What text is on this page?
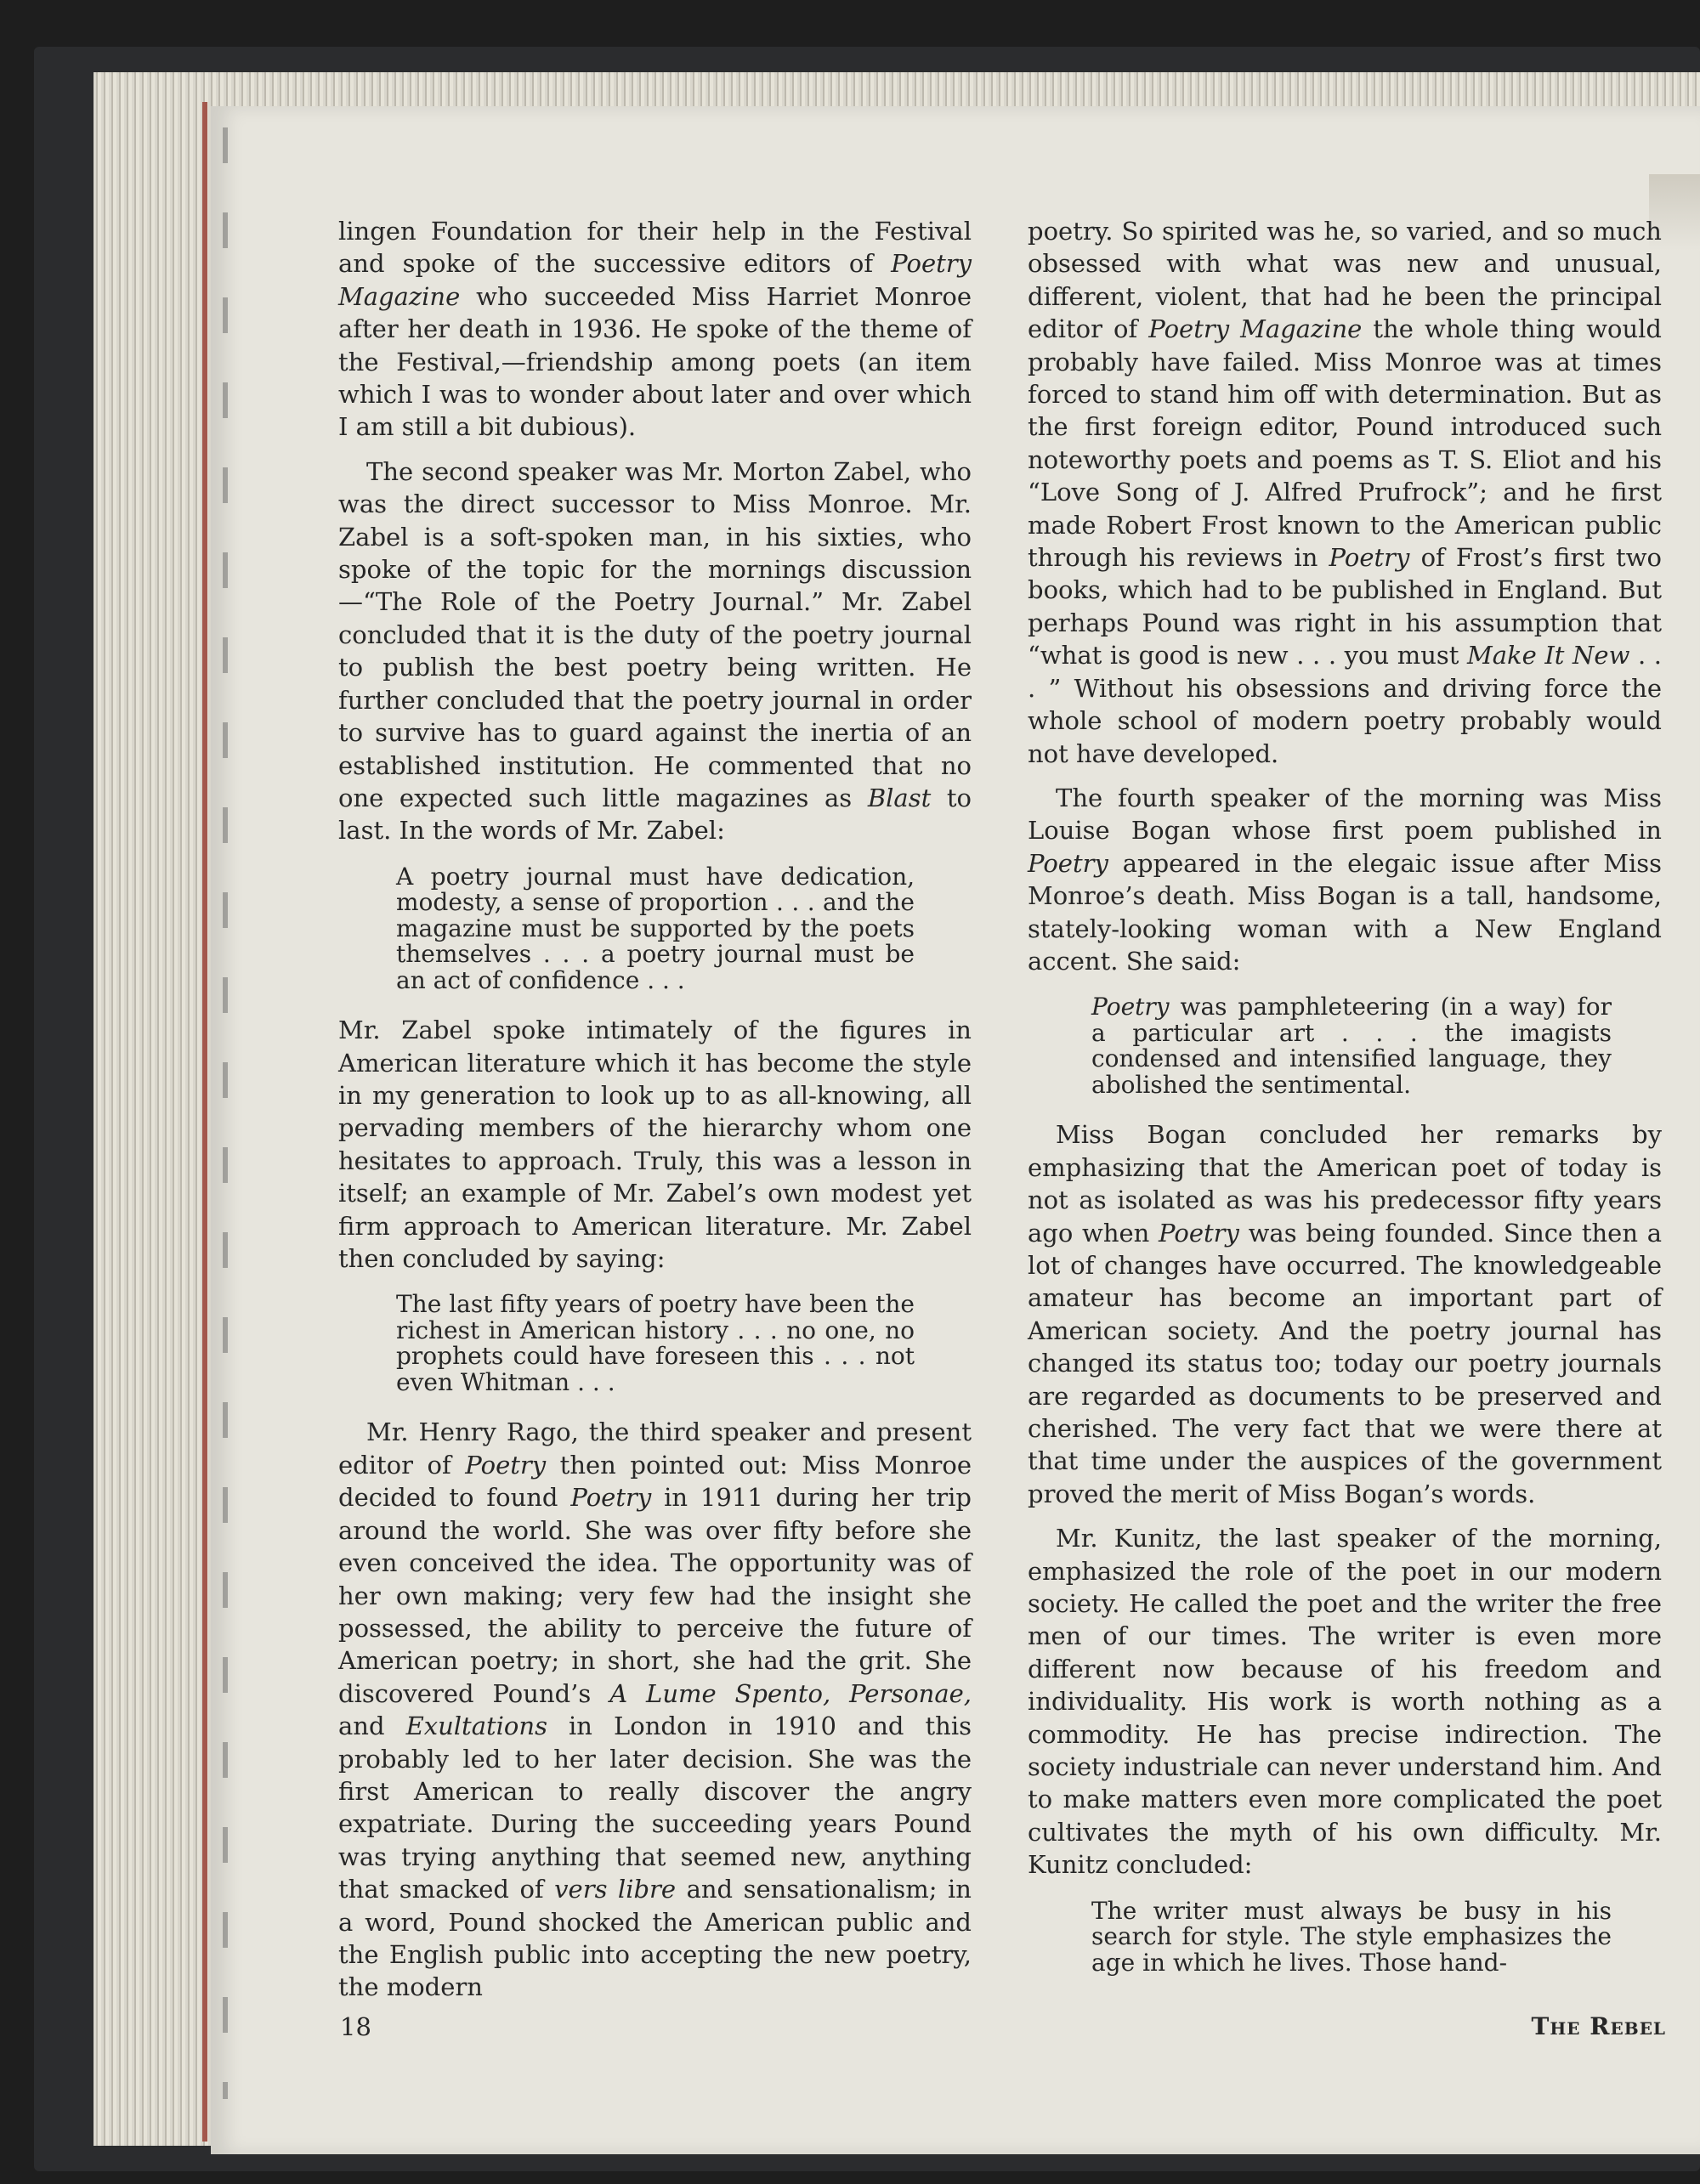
lingen Foundation for their help in the Festival and spoke of the successive editors of Poetry Magazine who succeeded Miss Harriet Monroe after her death in 1936. He spoke of the theme of the Festival,—friendship among poets (an item which I was to wonder about later and over which I am still a bit dubious).

The second speaker was Mr. Morton Zabel, who was the direct successor to Miss Monroe. Mr. Zabel is a soft-spoken man, in his sixties, who spoke of the topic for the mornings discussion—“The Role of the Poetry Journal.” Mr. Zabel concluded that it is the duty of the poetry journal to publish the best poetry being written. He further concluded that the poetry journal in order to survive has to guard against the inertia of an established institution. He commented that no one expected such little magazines as Blast to last. In the words of Mr. Zabel:

A poetry journal must have dedication, modesty, a sense of proportion . . . and the magazine must be supported by the poets themselves . . . a poetry journal must be an act of confidence . . .

Mr. Zabel spoke intimately of the figures in American literature which it has become the style in my generation to look up to as all-knowing, all pervading members of the hierarchy whom one hesitates to approach. Truly, this was a lesson in itself; an example of Mr. Zabel’s own modest yet firm approach to American literature. Mr. Zabel then concluded by saying:

The last fifty years of poetry have been the richest in American history . . . no one, no prophets could have foreseen this . . . not even Whitman . . .

Mr. Henry Rago, the third speaker and present editor of Poetry then pointed out: Miss Monroe decided to found Poetry in 1911 during her trip around the world. She was over fifty before she even conceived the idea. The opportunity was of her own making; very few had the insight she possessed, the ability to perceive the future of American poetry; in short, she had the grit. She discovered Pound’s A Lume Spento, Personae, and Exultations in London in 1910 and this probably led to her later decision. She was the first American to really discover the angry expatriate. During the succeeding years Pound was trying anything that seemed new, anything that smacked of vers libre and sensationalism; in a word, Pound shocked the American public and the English public into accepting the new poetry, the modern

poetry. So spirited was he, so varied, and so much obsessed with what was new and unusual, different, violent, that had he been the principal editor of Poetry Magazine the whole thing would probably have failed. Miss Monroe was at times forced to stand him off with determination. But as the first foreign editor, Pound introduced such noteworthy poets and poems as T. S. Eliot and his “Love Song of J. Alfred Prufrock”; and he first made Robert Frost known to the American public through his reviews in Poetry of Frost’s first two books, which had to be published in England. But perhaps Pound was right in his assumption that “what is good is new . . . you must Make It New . . . ” Without his obsessions and driving force the whole school of modern poetry probably would not have developed.

The fourth speaker of the morning was Miss Louise Bogan whose first poem published in Poetry appeared in the elegaic issue after Miss Monroe’s death. Miss Bogan is a tall, handsome, stately-looking woman with a New England accent. She said:

Poetry was pamphleteering (in a way) for a particular art . . . the imagists condensed and intensified language, they abolished the sentimental.

Miss Bogan concluded her remarks by emphasizing that the American poet of today is not as isolated as was his predecessor fifty years ago when Poetry was being founded. Since then a lot of changes have occurred. The knowledgeable amateur has become an important part of American society. And the poetry journal has changed its status too; today our poetry journals are regarded as documents to be preserved and cherished. The very fact that we were there at that time under the auspices of the government proved the merit of Miss Bogan’s words.

Mr. Kunitz, the last speaker of the morning, emphasized the role of the poet in our modern society. He called the poet and the writer the free men of our times. The writer is even more different now because of his freedom and individuality. His work is worth nothing as a commodity. He has precise indirection. The society industriale can never understand him. And to make matters even more complicated the poet cultivates the myth of his own difficulty. Mr. Kunitz concluded:

The writer must always be busy in his search for style. The style emphasizes the age in which he lives. Those hand-
18	The Rebel
